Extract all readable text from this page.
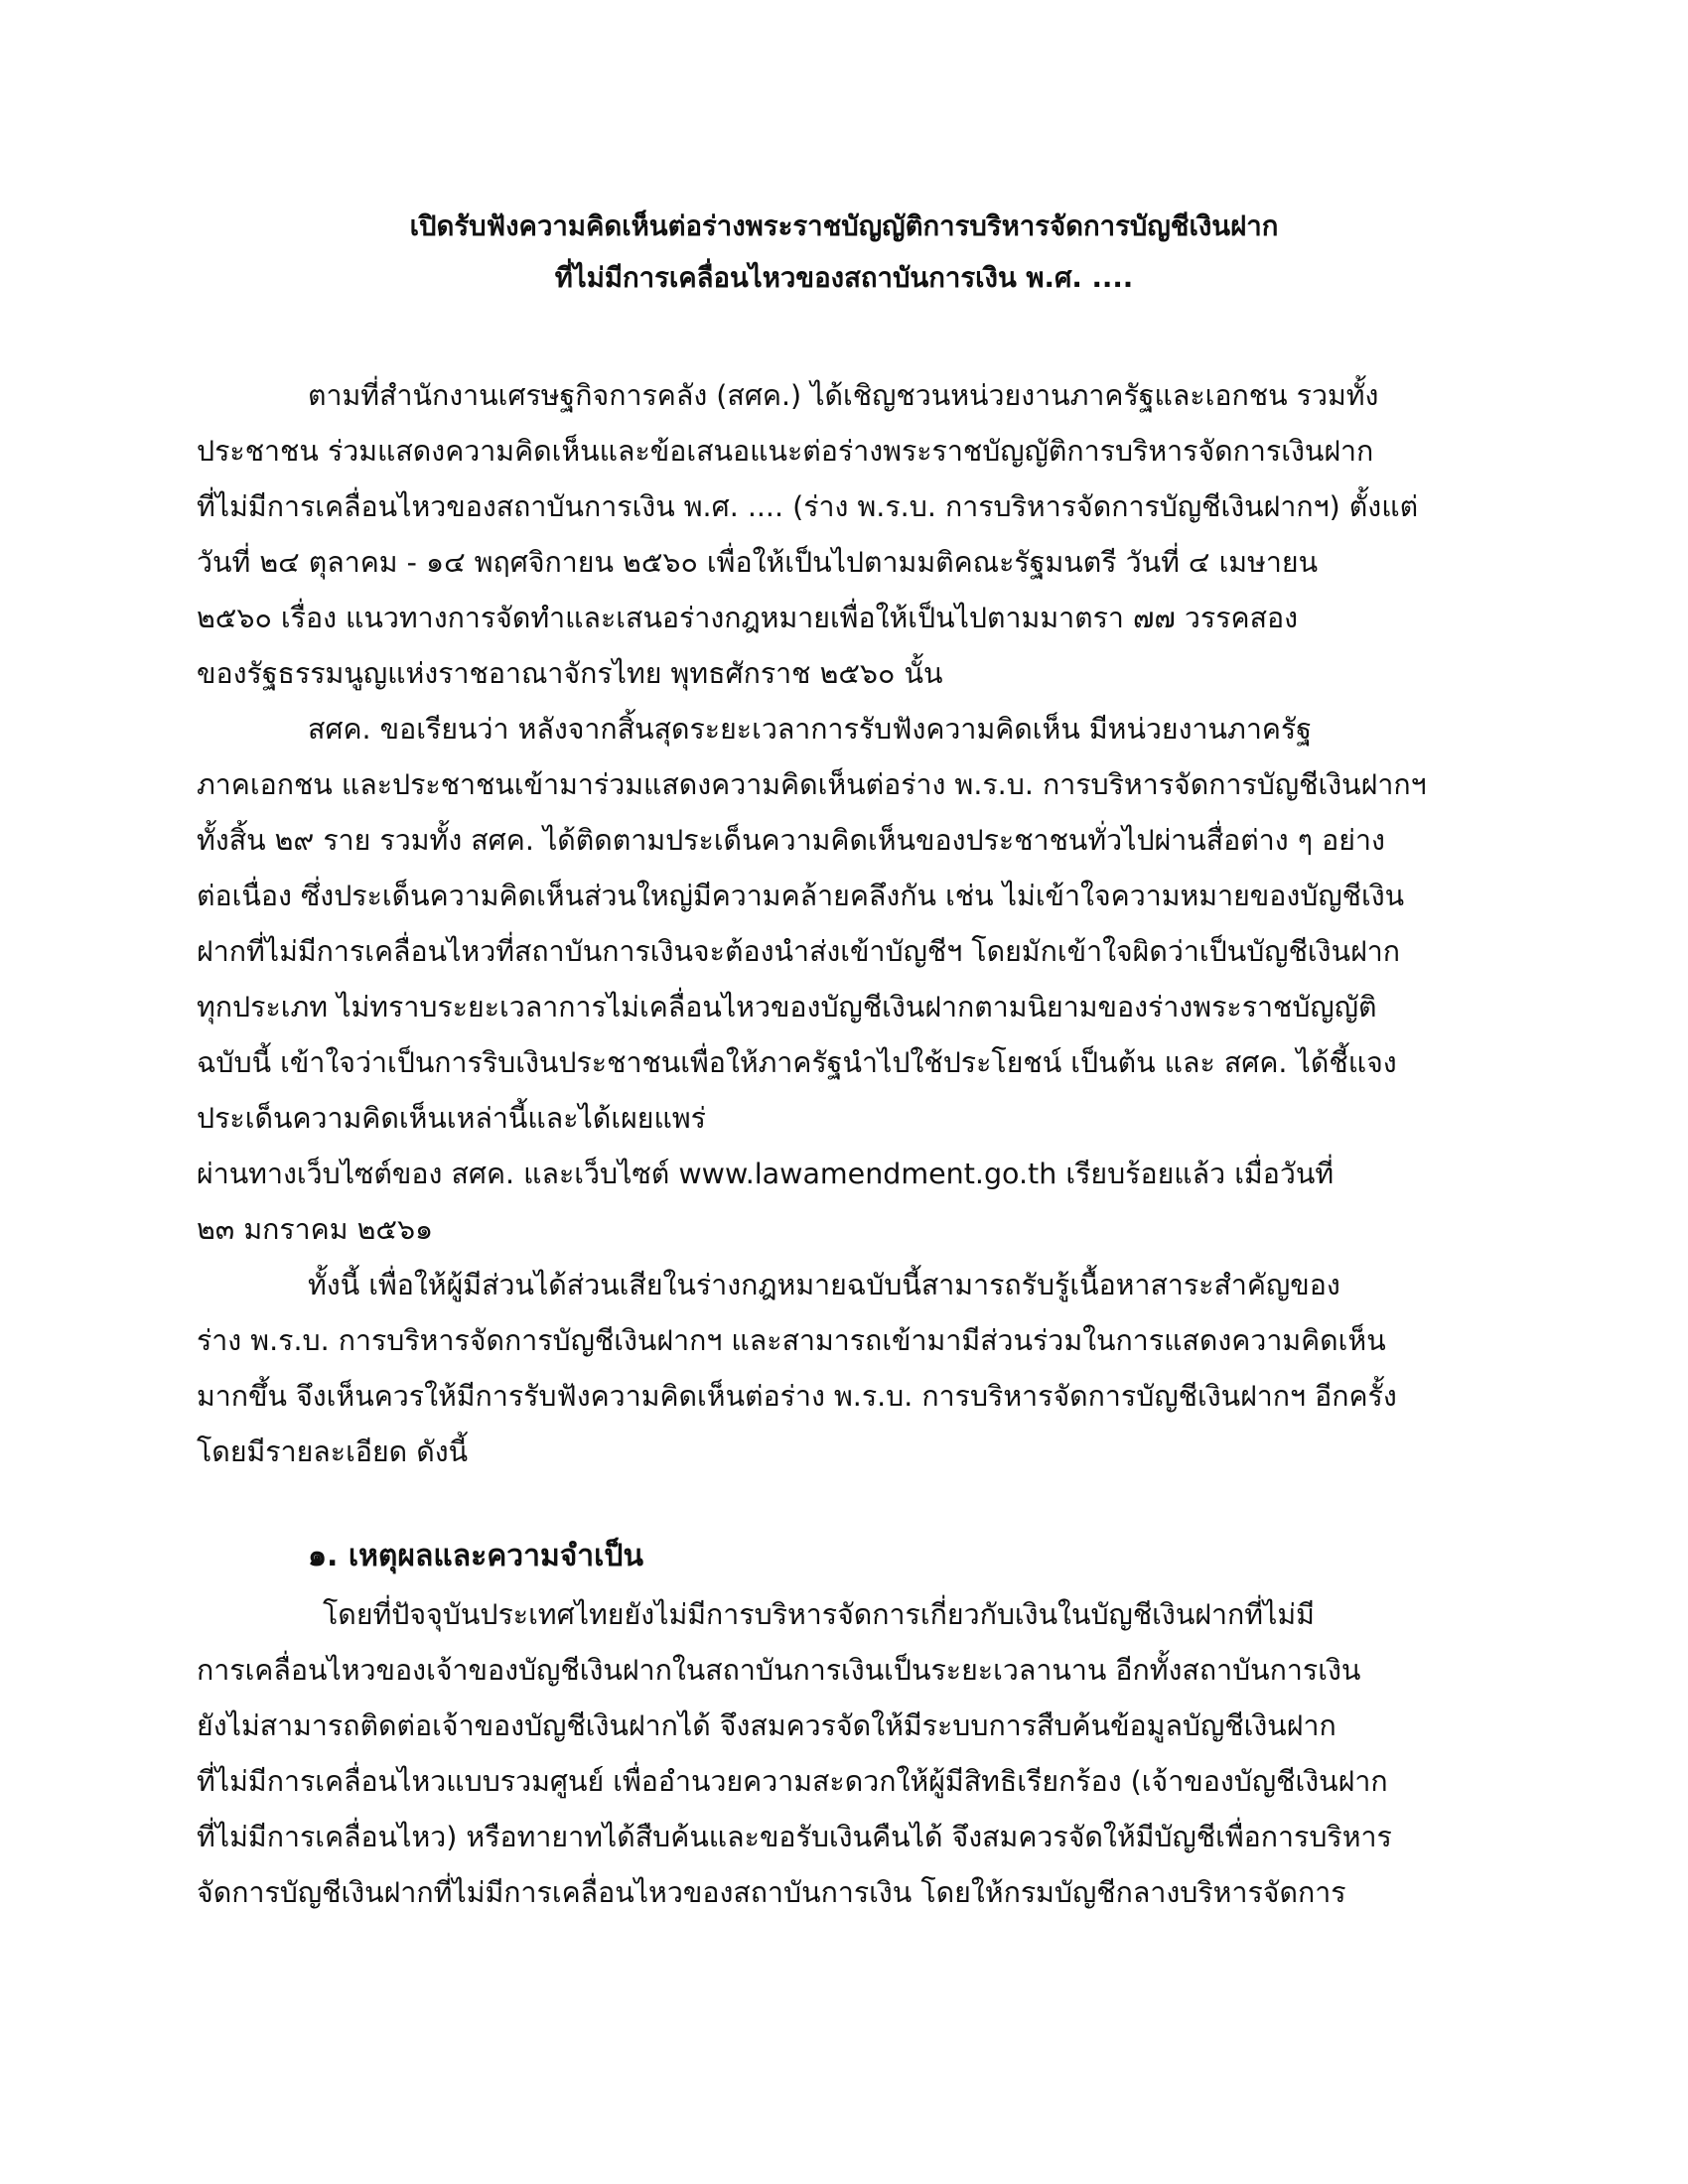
เปิดรับฟังความคิดเห็นต่อร่างพระราชบัญญัติการบริหารจัดการบัญชีเงินฝาก
ที่ไม่มีการเคลื่อนไหวของสถาบันการเงิน พ.ศ. ....
ตามที่สำนักงานเศรษฐกิจการคลัง (สศค.) ได้เชิญชวนหน่วยงานภาครัฐและเอกชน รวมทั้ง
ประชาชน ร่วมแสดงความคิดเห็นและข้อเสนอแนะต่อร่างพระราชบัญญัติการบริหารจัดการเงินฝาก
ที่ไม่มีการเคลื่อนไหวของสถาบันการเงิน พ.ศ. .... (ร่าง พ.ร.บ. การบริหารจัดการบัญชีเงินฝากฯ) ตั้งแต่
วันที่ ๒๔ ตุลาคม - ๑๔ พฤศจิกายน ๒๕๖๐ เพื่อให้เป็นไปตามมติคณะรัฐมนตรี วันที่ ๔ เมษายน
๒๕๖๐ เรื่อง แนวทางการจัดทำและเสนอร่างกฎหมายเพื่อให้เป็นไปตามมาตรา ๗๗ วรรคสอง
ของรัฐธรรมนูญแห่งราชอาณาจักรไทย พุทธศักราช ๒๕๖๐ นั้น
สศค. ขอเรียนว่า หลังจากสิ้นสุดระยะเวลาการรับฟังความคิดเห็น มีหน่วยงานภาครัฐ
ภาคเอกชน และประชาชนเข้ามาร่วมแสดงความคิดเห็นต่อร่าง พ.ร.บ. การบริหารจัดการบัญชีเงินฝากฯ
ทั้งสิ้น ๒๙ ราย รวมทั้ง สศค. ได้ติดตามประเด็นความคิดเห็นของประชาชนทั่วไปผ่านสื่อต่าง ๆ อย่าง
ต่อเนื่อง ซึ่งประเด็นความคิดเห็นส่วนใหญ่มีความคล้ายคลึงกัน เช่น ไม่เข้าใจความหมายของบัญชีเงิน
ฝากที่ไม่มีการเคลื่อนไหวที่สถาบันการเงินจะต้องนำส่งเข้าบัญชีฯ โดยมักเข้าใจผิดว่าเป็นบัญชีเงินฝาก
ทุกประเภท ไม่ทราบระยะเวลาการไม่เคลื่อนไหวของบัญชีเงินฝากตามนิยามของร่างพระราชบัญญัติ
ฉบับนี้ เข้าใจว่าเป็นการริบเงินประชาชนเพื่อให้ภาครัฐนำไปใช้ประโยชน์ เป็นต้น และ สศค. ได้ชี้แจง
ประเด็นความคิดเห็นเหล่านี้และได้เผยแพร่
ผ่านทางเว็บไซต์ของ สศค. และเว็บไซต์ www.lawamendment.go.th เรียบร้อยแล้ว เมื่อวันที่
๒๓ มกราคม ๒๕๖๑
ทั้งนี้ เพื่อให้ผู้มีส่วนได้ส่วนเสียในร่างกฎหมายฉบับนี้สามารถรับรู้เนื้อหาสาระสำคัญของ
ร่าง พ.ร.บ. การบริหารจัดการบัญชีเงินฝากฯ และสามารถเข้ามามีส่วนร่วมในการแสดงความคิดเห็น
มากขึ้น จึงเห็นควรให้มีการรับฟังความคิดเห็นต่อร่าง พ.ร.บ. การบริหารจัดการบัญชีเงินฝากฯ อีกครั้ง
โดยมีรายละเอียด ดังนี้
๑. เหตุผลและความจำเป็น
โดยที่ปัจจุบันประเทศไทยยังไม่มีการบริหารจัดการเกี่ยวกับเงินในบัญชีเงินฝากที่ไม่มี
การเคลื่อนไหวของเจ้าของบัญชีเงินฝากในสถาบันการเงินเป็นระยะเวลานาน อีกทั้งสถาบันการเงิน
ยังไม่สามารถติดต่อเจ้าของบัญชีเงินฝากได้ จึงสมควรจัดให้มีระบบการสืบค้นข้อมูลบัญชีเงินฝาก
ที่ไม่มีการเคลื่อนไหวแบบรวมศูนย์ เพื่ออำนวยความสะดวกให้ผู้มีสิทธิเรียกร้อง (เจ้าของบัญชีเงินฝาก
ที่ไม่มีการเคลื่อนไหว) หรือทายาทได้สืบค้นและขอรับเงินคืนได้ จึงสมควรจัดให้มีบัญชีเพื่อการบริหาร
จัดการบัญชีเงินฝากที่ไม่มีการเคลื่อนไหวของสถาบันการเงิน โดยให้กรมบัญชีกลางบริหารจัดการ
